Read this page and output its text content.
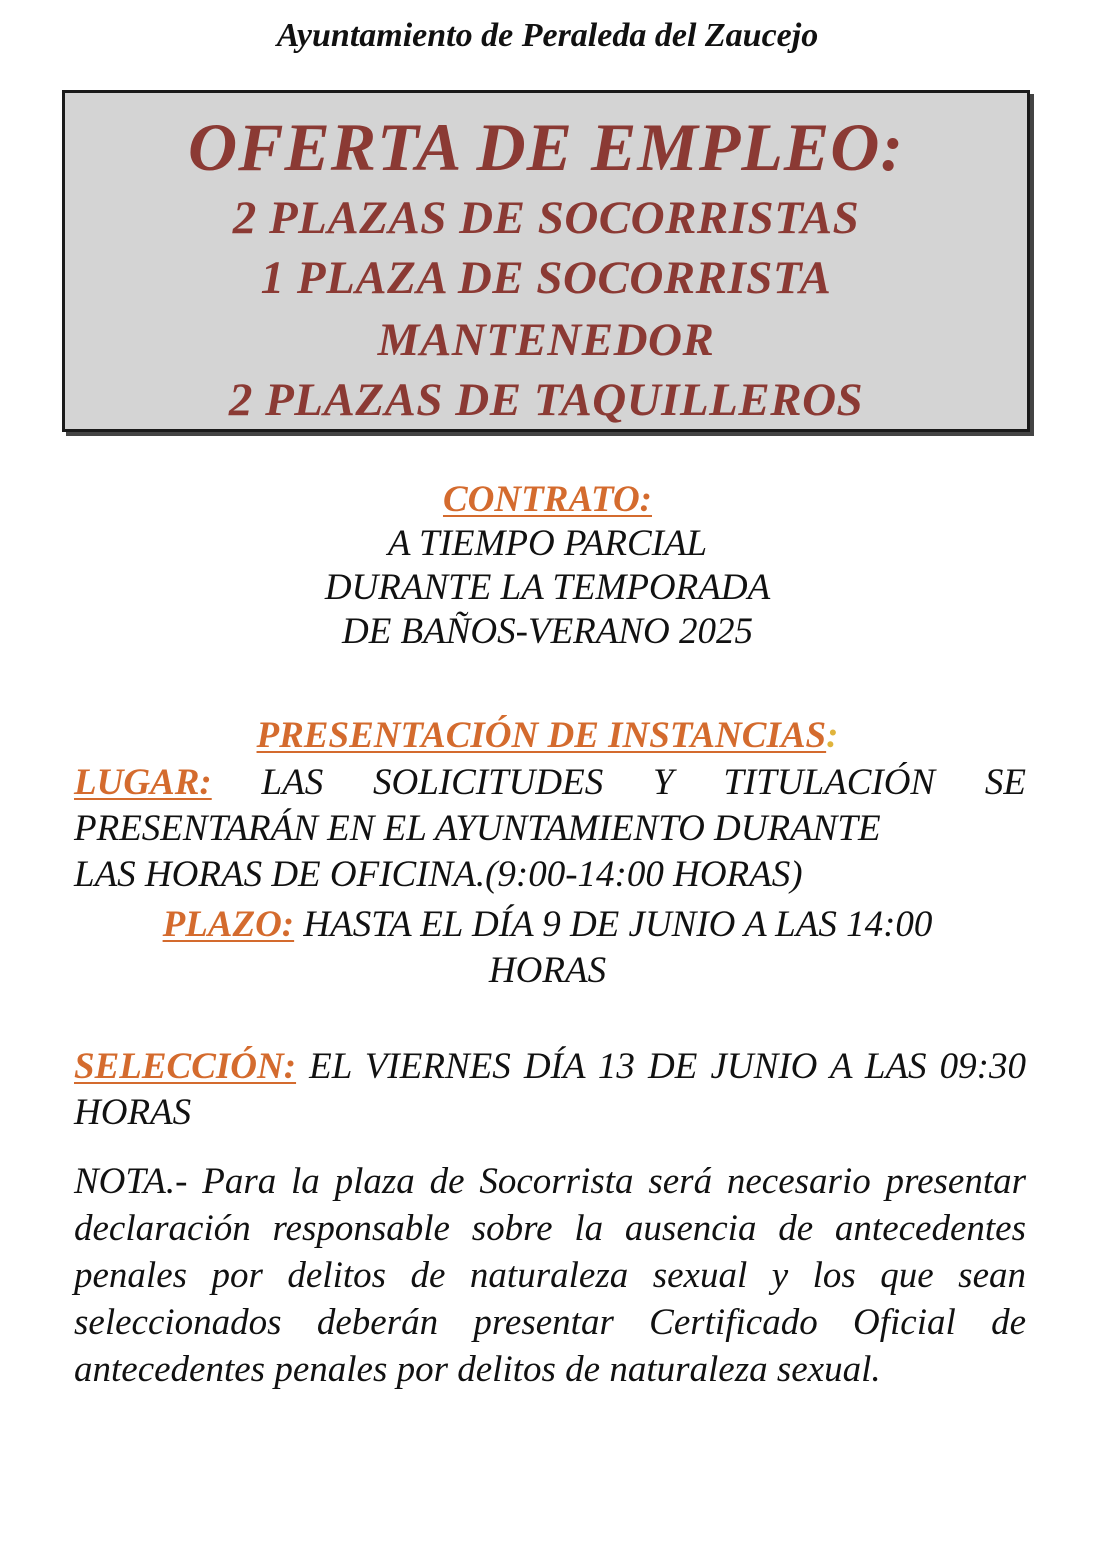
Ayuntamiento de Peraleda del Zaucejo
OFERTA DE EMPLEO:
2 PLAZAS DE SOCORRISTAS
1 PLAZA DE SOCORRISTA
MANTENEDOR
2 PLAZAS DE TAQUILLEROS
CONTRATO:
A TIEMPO PARCIAL
DURANTE LA TEMPORADA
DE BAÑOS-VERANO 2025
PRESENTACIÓN DE INSTANCIAS:
LUGAR: LAS SOLICITUDES Y TITULACIÓN SE PRESENTARÁN EN EL AYUNTAMIENTO DURANTE
LAS HORAS DE OFICINA.(9:00-14:00 HORAS)
PLAZO: HASTA EL DÍA 9 DE JUNIO A LAS 14:00
HORAS
SELECCIÓN: EL VIERNES DÍA 13 DE JUNIO A LAS 09:30 HORAS
NOTA.- Para la plaza de Socorrista será necesario presentar declaración responsable sobre la ausencia de antecedentes penales por delitos de naturaleza sexual y los que sean seleccionados deberán presentar Certificado Oficial de antecedentes penales por delitos de naturaleza sexual.
